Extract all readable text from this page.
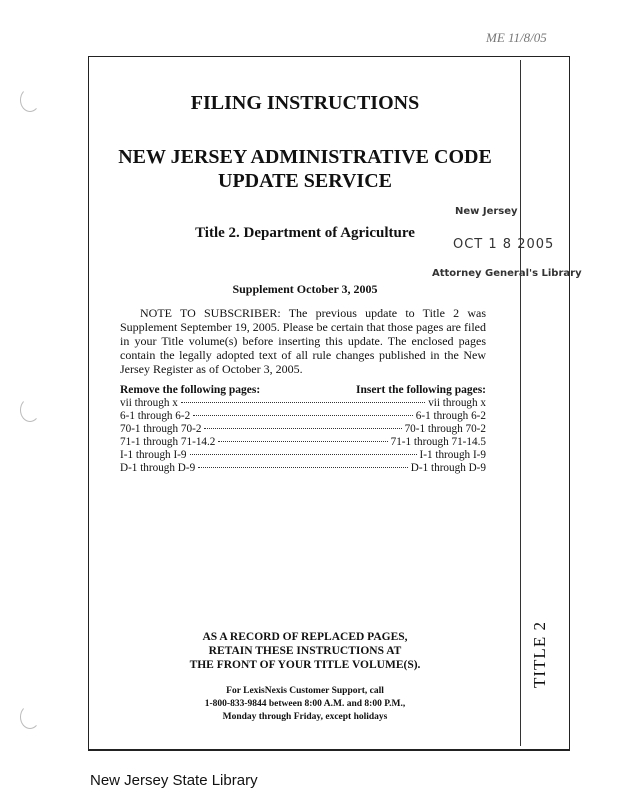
ME 11/8/05
TITLE 2
FILING INSTRUCTIONS
NEW JERSEY ADMINISTRATIVE CODE
UPDATE SERVICE
Title 2. Department of Agriculture
New Jersey
OCT 1 8 2005
Attorney General's Library
Supplement October 3, 2005

NOTE TO SUBSCRIBER: The previous update to Title 2 was Supplement September 19, 2005. Please be certain that those pages are filed in your Title volume(s) before inserting this update. The enclosed pages contain the legally adopted text of all rule changes published in the New Jersey Register as of October 3, 2005.

Remove the following pages:	Insert the following pages:
vii through x	vii through x
6-1 through 6-2	6-1 through 6-2
70-1 through 70-2	70-1 through 70-2
71-1 through 71-14.2	71-1 through 71-14.5
I-1 through I-9	I-1 through I-9
D-1 through D-9	D-1 through D-9
AS A RECORD OF REPLACED PAGES,
RETAIN THESE INSTRUCTIONS AT
THE FRONT OF YOUR TITLE VOLUME(S).
For LexisNexis Customer Support, call
1-800-833-9844 between 8:00 A.M. and 8:00 P.M.,
Monday through Friday, except holidays
New Jersey State Library
